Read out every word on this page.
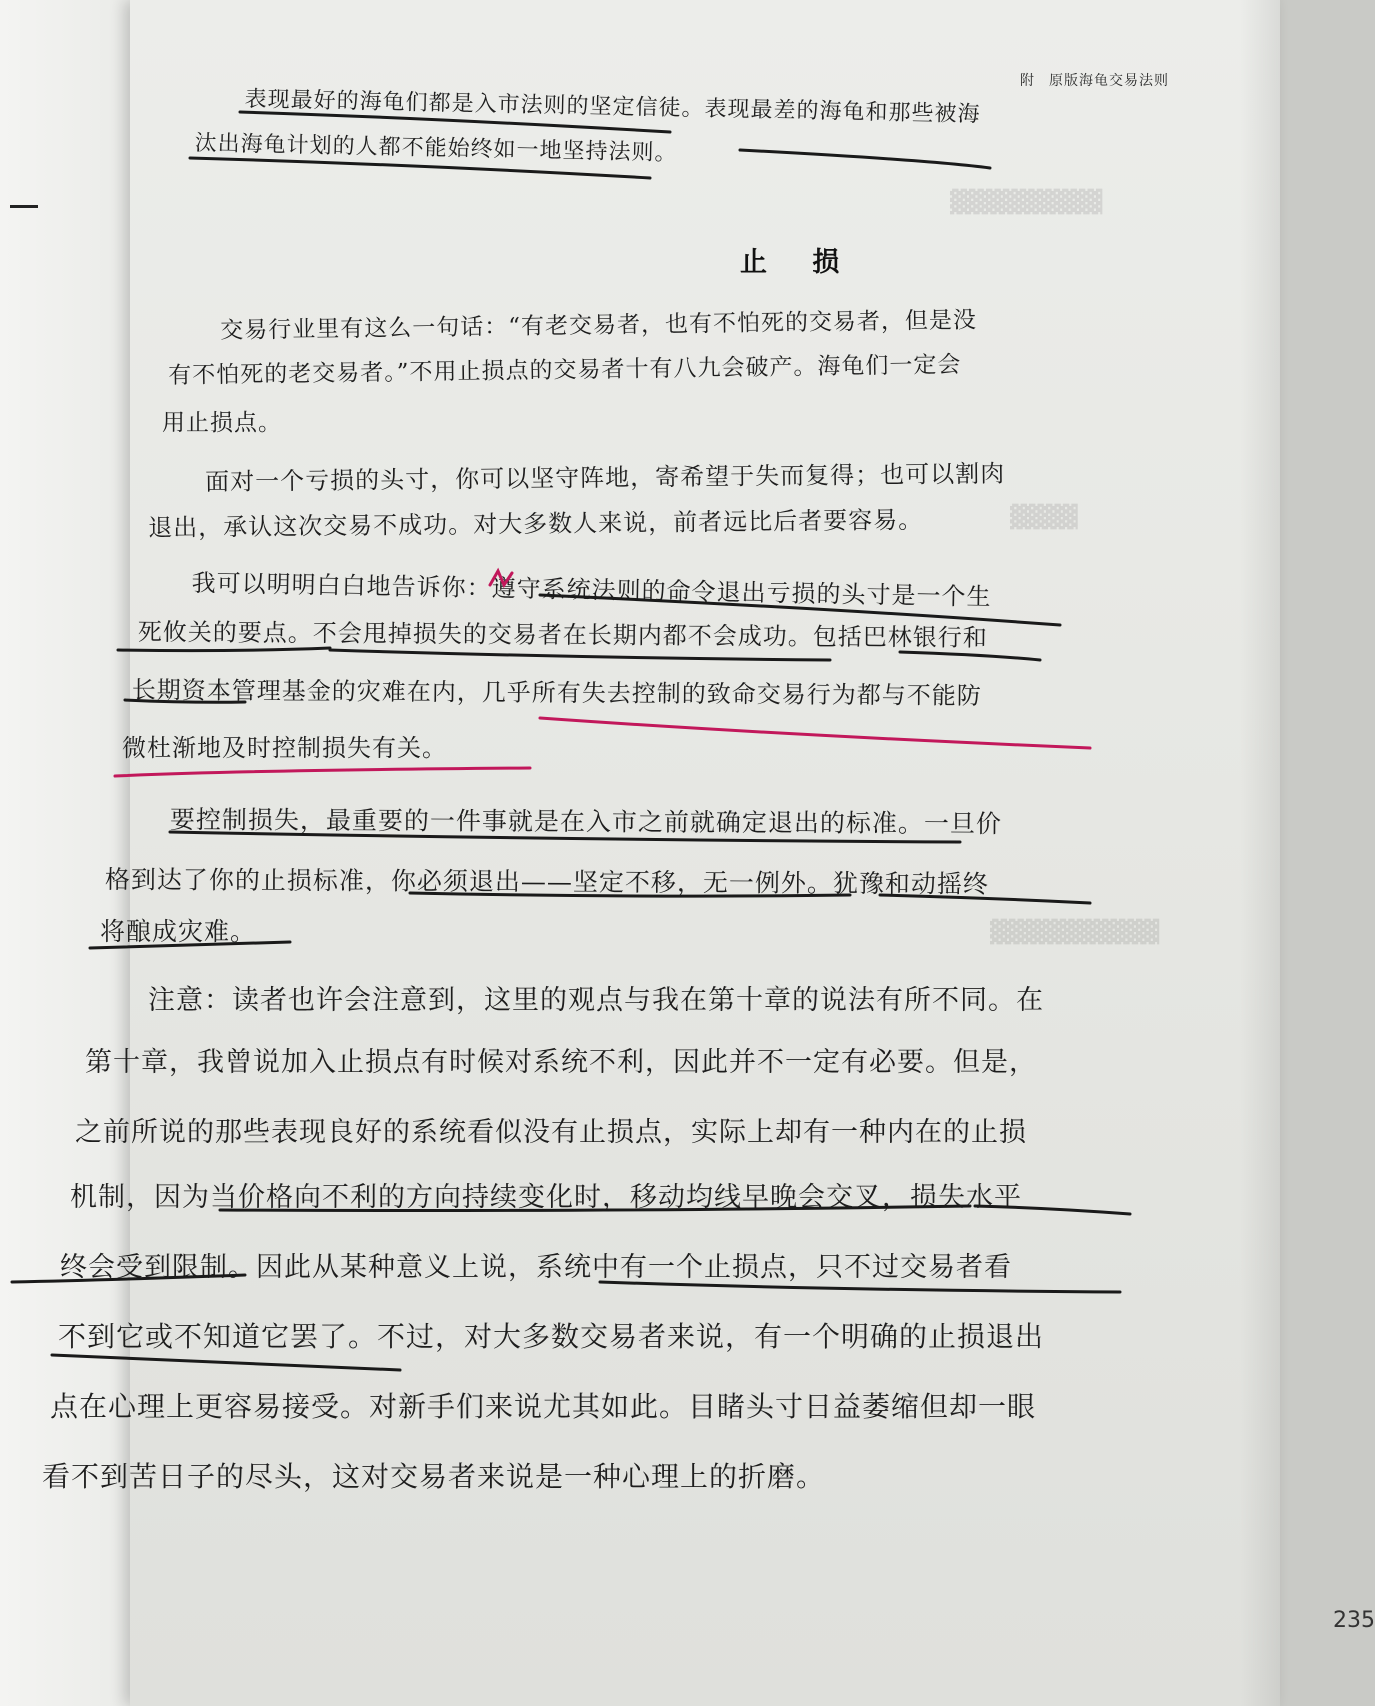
▓▓▓▓▓▓▓▓▓
▓▓▓▓
▓▓▓▓▓▓▓▓▓▓
附 原版海龟交易法则
表现最好的海龟们都是入市法则的坚定信徒。表现最差的海龟和那些被海
汰出海龟计划的人都不能始终如一地坚持法则。
止 损
交易行业里有这么一句话：“有老交易者，也有不怕死的交易者，但是没
有不怕死的老交易者。”不用止损点的交易者十有八九会破产。海龟们一定会
用止损点。
面对一个亏损的头寸，你可以坚守阵地，寄希望于失而复得；也可以割肉
退出，承认这次交易不成功。对大多数人来说，前者远比后者要容易。
我可以明明白白地告诉你：遵守系统法则的命令退出亏损的头寸是一个生
死攸关的要点。不会甩掉损失的交易者在长期内都不会成功。包括巴林银行和
长期资本管理基金的灾难在内，几乎所有失去控制的致命交易行为都与不能防
微杜渐地及时控制损失有关。
要控制损失，最重要的一件事就是在入市之前就确定退出的标准。一旦价
格到达了你的止损标准，你必须退出——坚定不移，无一例外。犹豫和动摇终
将酿成灾难。
注意：读者也许会注意到，这里的观点与我在第十章的说法有所不同。在
第十章，我曾说加入止损点有时候对系统不利，因此并不一定有必要。但是，
之前所说的那些表现良好的系统看似没有止损点，实际上却有一种内在的止损
机制，因为当价格向不利的方向持续变化时，移动均线早晚会交叉，损失水平
终会受到限制。因此从某种意义上说，系统中有一个止损点，只不过交易者看
不到它或不知道它罢了。不过，对大多数交易者来说，有一个明确的止损退出
点在心理上更容易接受。对新手们来说尤其如此。目睹头寸日益萎缩但却一眼
看不到苦日子的尽头，这对交易者来说是一种心理上的折磨。
235
